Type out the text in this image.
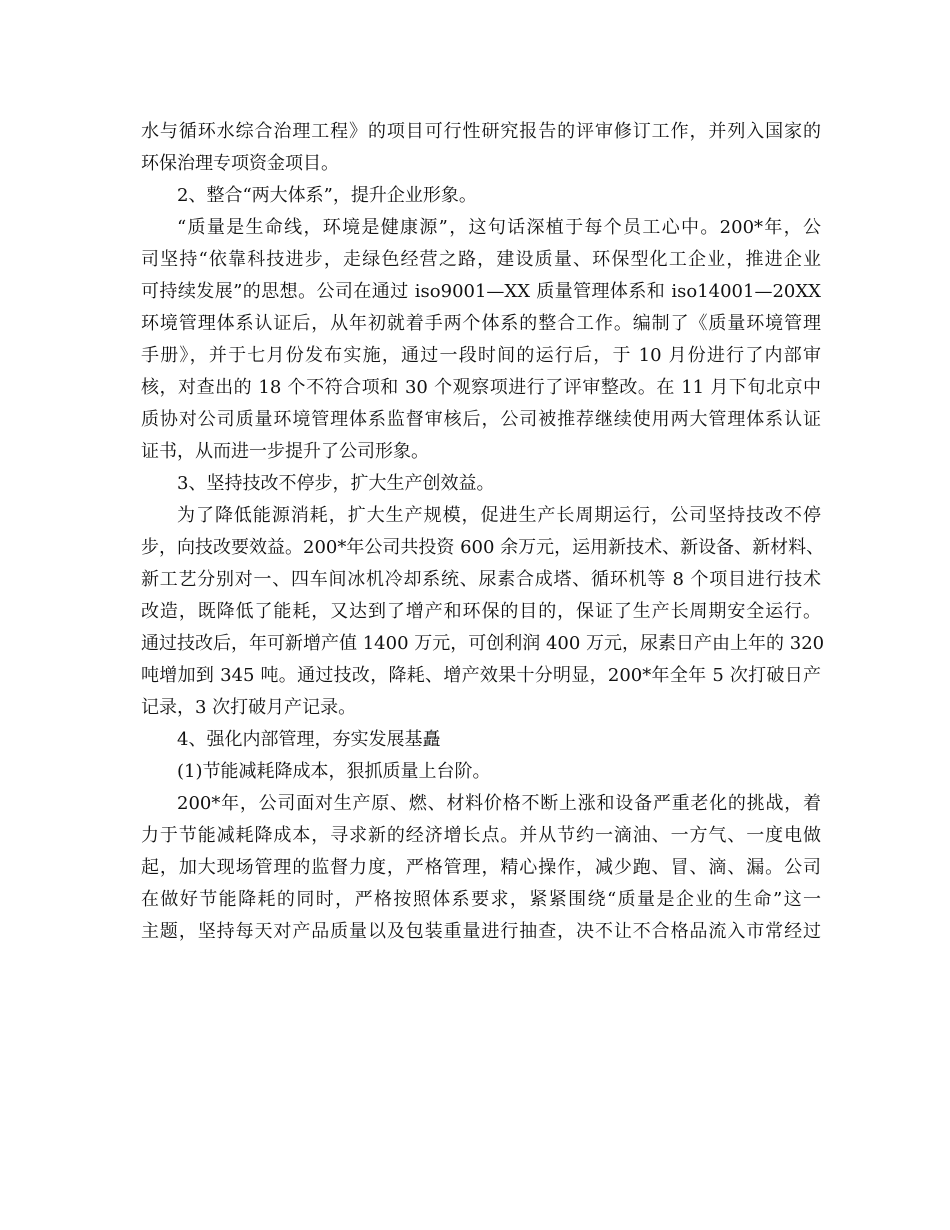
水与循环水综合治理工程》的项目可行性研究报告的评审修订工作，并列入国家的
环保治理专项资金项目。
2、整合“两大体系”，提升企业形象。
“质量是生命线，环境是健康源”，这句话深植于每个员工心中。200*年，公
司坚持“依靠科技进步，走绿色经营之路，建设质量、环保型化工企业，推进企业
可持续发展”的思想。公司在通过 iso9001—XX 质量管理体系和 iso14001—20XX
环境管理体系认证后，从年初就着手两个体系的整合工作。编制了《质量环境管理
手册》，并于七月份发布实施，通过一段时间的运行后，于 10 月份进行了内部审
核，对查出的 18 个不符合项和 30 个观察项进行了评审整改。在 11 月下旬北京中
质协对公司质量环境管理体系监督审核后，公司被推荐继续使用两大管理体系认证
证书，从而进一步提升了公司形象。
3、坚持技改不停步，扩大生产创效益。
为了降低能源消耗，扩大生产规模，促进生产长周期运行，公司坚持技改不停
步，向技改要效益。200*年公司共投资 600 余万元，运用新技术、新设备、新材料、
新工艺分别对一、四车间冰机冷却系统、尿素合成塔、循环机等 8 个项目进行技术
改造，既降低了能耗，又达到了增产和环保的目的，保证了生产长周期安全运行。
通过技改后，年可新增产值 1400 万元，可创利润 400 万元，尿素日产由上年的 320
吨增加到 345 吨。通过技改，降耗、增产效果十分明显，200*年全年 5 次打破日产
记录，3 次打破月产记录。
4、强化内部管理，夯实发展基矗
(1)节能减耗降成本，狠抓质量上台阶。
200*年，公司面对生产原、燃、材料价格不断上涨和设备严重老化的挑战，着
力于节能减耗降成本，寻求新的经济增长点。并从节约一滴油、一方气、一度电做
起，加大现场管理的监督力度，严格管理，精心操作，减少跑、冒、滴、漏。公司
在做好节能降耗的同时，严格按照体系要求，紧紧围绕“质量是企业的生命”这一
主题，坚持每天对产品质量以及包装重量进行抽查，决不让不合格品流入市常经过
